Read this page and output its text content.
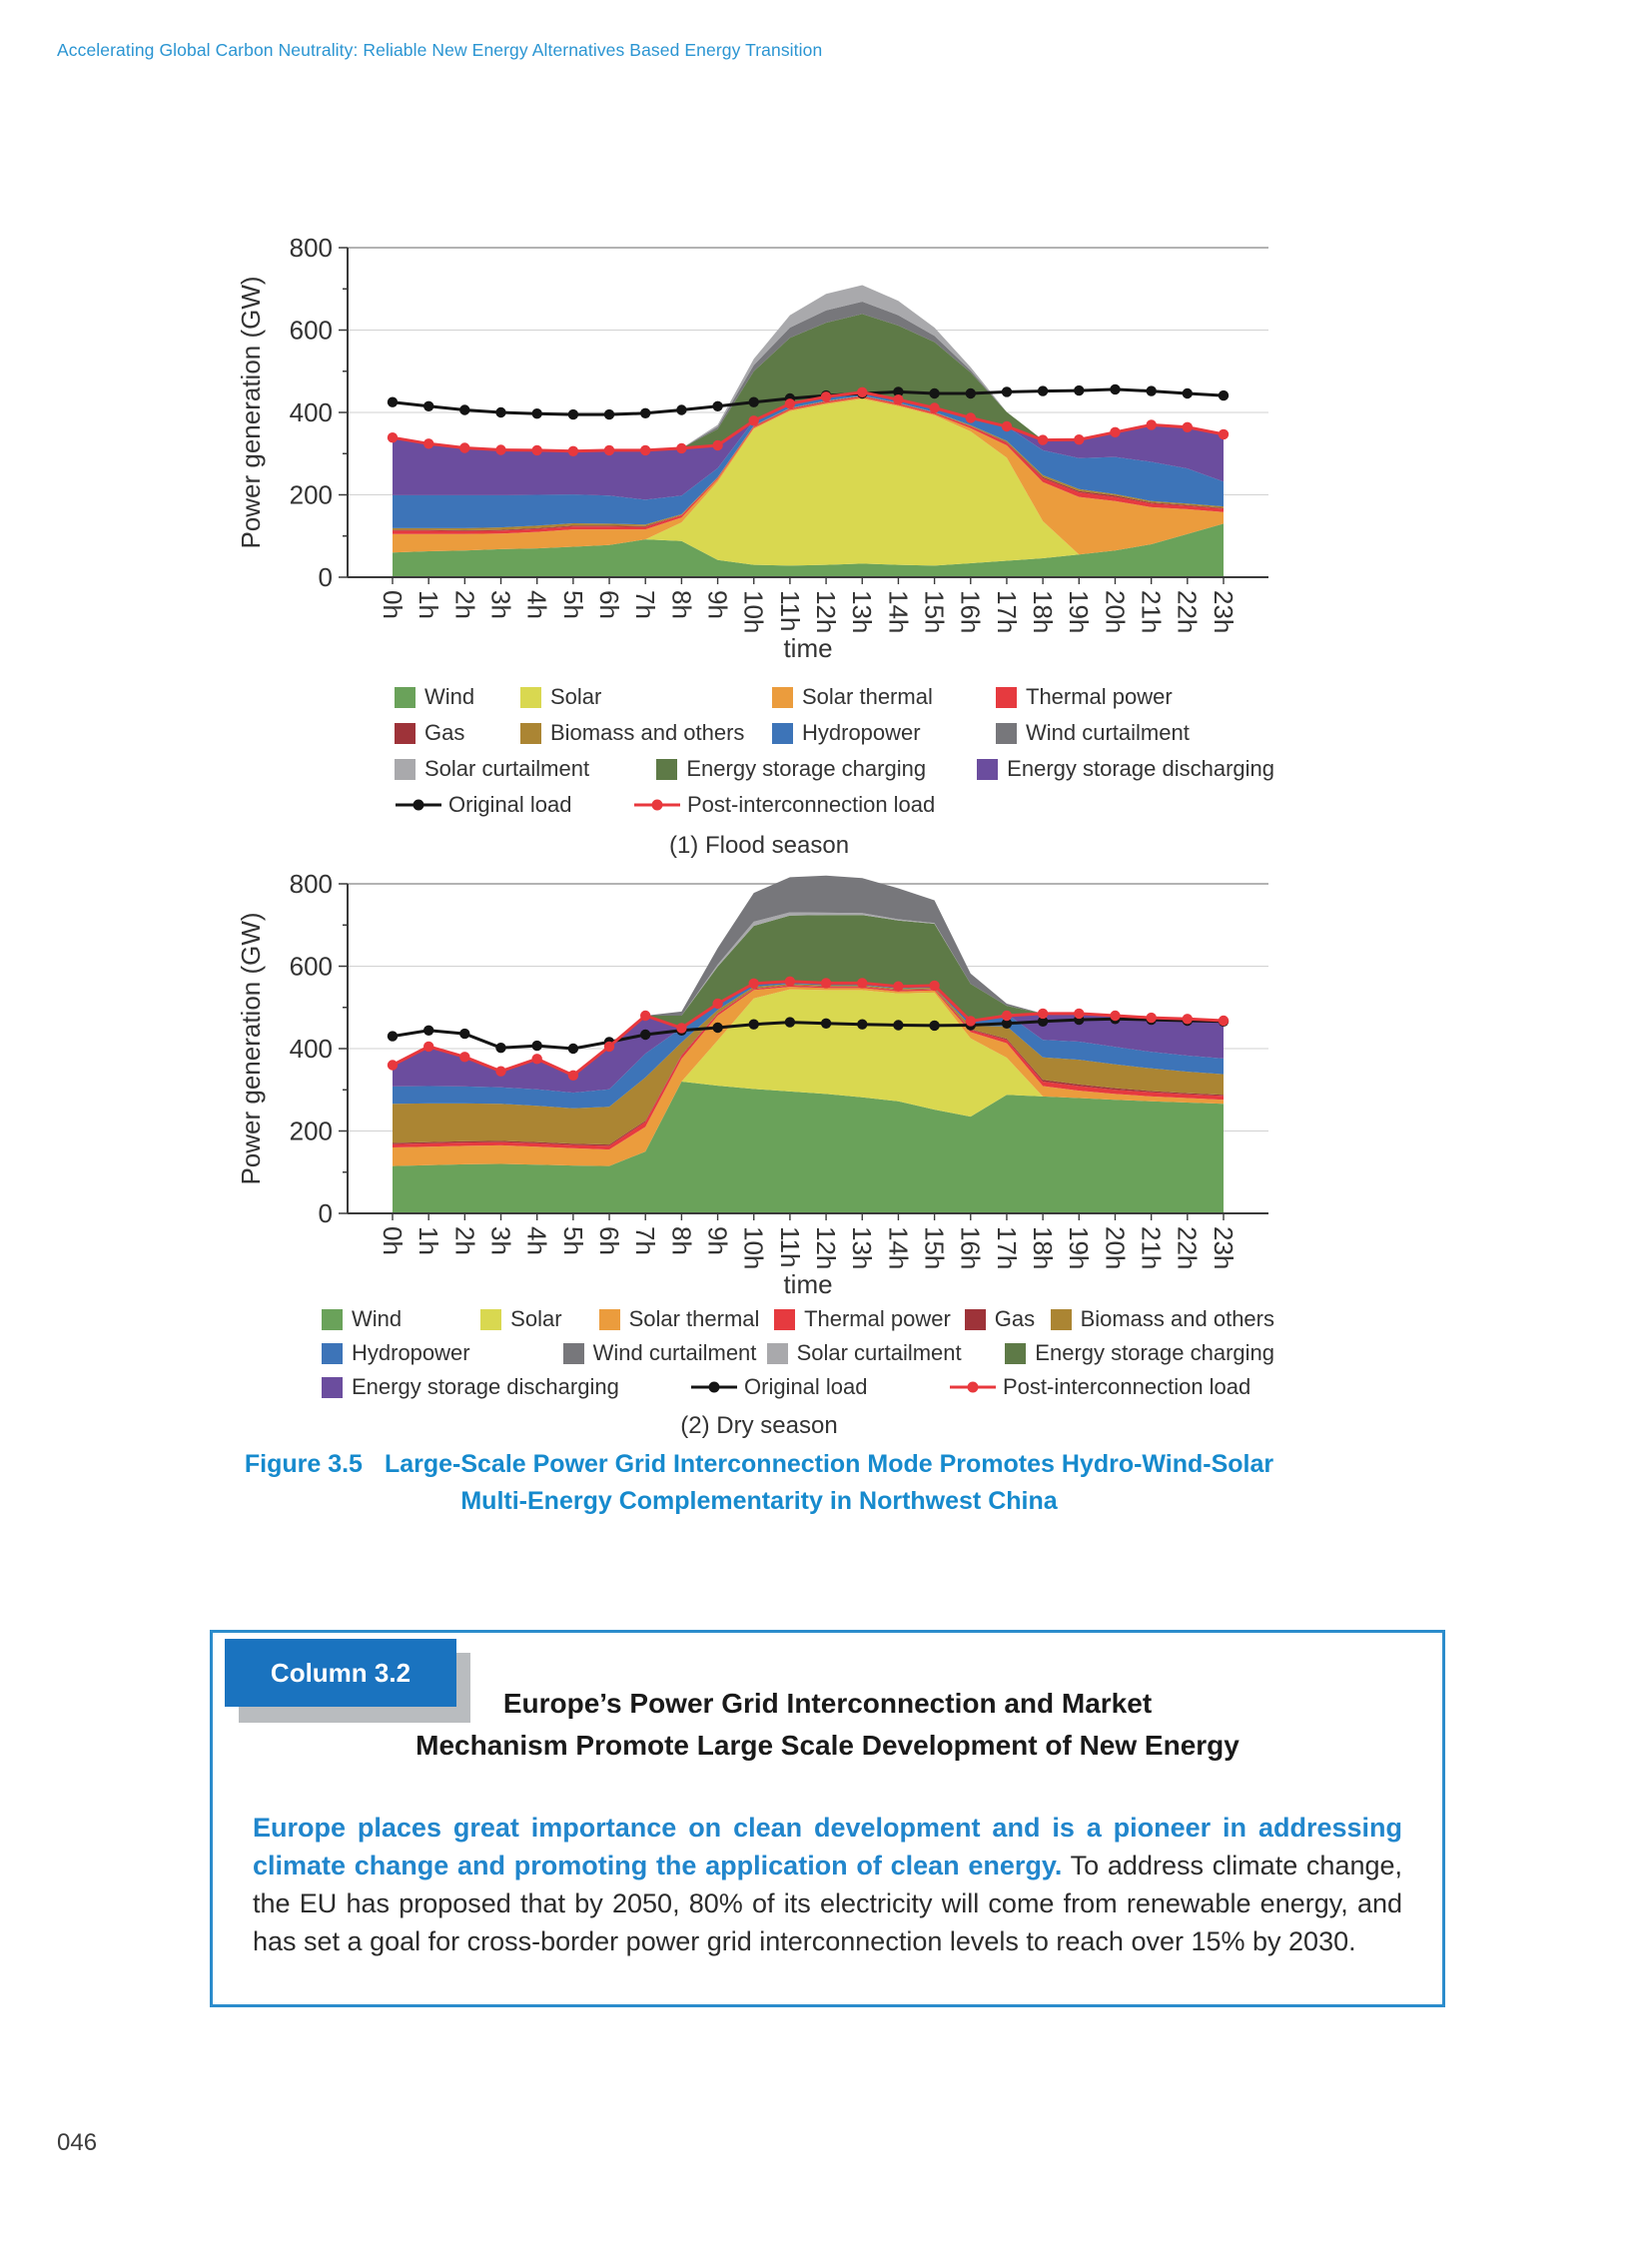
Accelerating Global Carbon Neutrality: Reliable New Energy Alternatives Based Energy Transition
0
200
400
600
800
0h 1h 2h 3h 4h 5h 6h 7h 8h 9h 10h 11h 12h 13h 14h 15h 16h 17h 18h 19h 20h 21h 22h 23h
time
Power generation (GW)
Wind	Solar	Solar thermal	Thermal power
Gas	Biomass and others	Hydropower	Wind curtailment
Solar curtailment	Energy storage charging	Energy storage discharging
Original load	Post-interconnection load
(1) Flood season
0
200
400
600
800
0h 1h 2h 3h 4h 5h 6h 7h 8h 9h 10h 11h 12h 13h 14h 15h 16h 17h 18h 19h 20h 21h 22h 23h
time
Power generation (GW)
Wind	Solar	Solar thermal Thermal power Gas Biomass and others
Hydropower	Wind curtailment Solar curtailment	Energy storage charging
Energy storage discharging	Original load	Post-interconnection load
(2) Dry season
Figure 3.5 Large-Scale Power Grid Interconnection Mode Promotes Hydro-Wind-Solar
Multi-Energy Complementarity in Northwest China
Column 3.2
Europe’s Power Grid Interconnection and Market
Mechanism Promote Large Scale Development of New Energy

Europe places great importance on clean development and is a pioneer in addressing climate change and promoting the application of clean energy. To address climate change, the EU has proposed that by 2050, 80% of its electricity will come from renewable energy, and has set a goal for cross-border power grid interconnection levels to reach over 15% by 2030.

046
